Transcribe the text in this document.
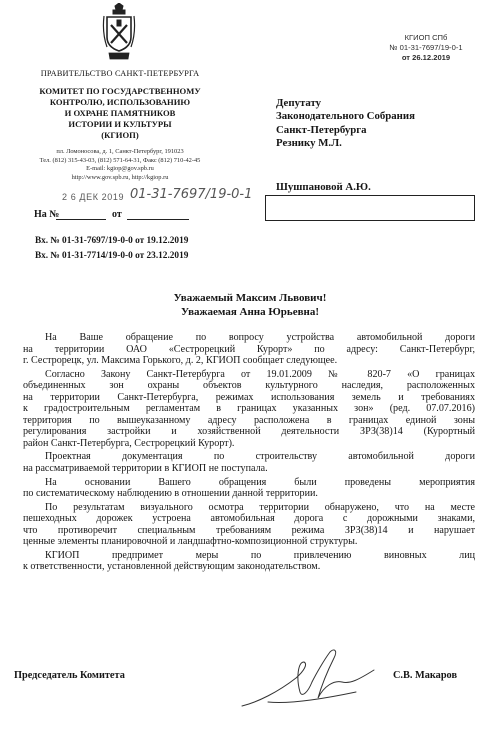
ПРАВИТЕЛЬСТВО САНКТ-ПЕТЕРБУРГА
КОМИТЕТ ПО ГОСУДАРСТВЕННОМУ
КОНТРОЛЮ, ИСПОЛЬЗОВАНИЮ
И ОХРАНЕ ПАМЯТНИКОВ
ИСТОРИИ И КУЛЬТУРЫ
(КГИОП)
пл. Ломоносова, д. 1, Санкт-Петербург, 191023
Тел. (812) 315-43-03, (812) 571-64-31, Факс (812) 710-42-45
E-mail: kgiop@gov.spb.ru
http://www.gov.spb.ru, http://kgiop.ru
2 6 ДЕК 2019 01-31-7697/19-0-1
На №	от
Вх. № 01-31-7697/19-0-0 от 19.12.2019
Вх. № 01-31-7714/19-0-0 от 23.12.2019
КГИОП СПб
№ 01-31-7697/19-0-1
от 26.12.2019
Депутату
Законодательного Собрания
Санкт-Петербурга
Резнику М.Л.
Шушпановой А.Ю.
Уважаемый Максим Львович!
Уважаемая Анна Юрьевна!

На Ваше обращение по вопросу устройства автомобильной дороги
на территории ОАО «Сестрорецкий Курорт» по адресу: Санкт-Петербург,
г. Сестрорецк, ул. Максима Горького, д. 2, КГИОП сообщает следующее.

Согласно Закону Санкт-Петербурга от 19.01.2009 № 820-7 «О границах
объединенных зон охраны объектов культурного наследия, расположенных
на территории Санкт-Петербурга, режимах использования земель и требованиях
к градостроительным регламентам в границах указанных зон» (ред. 07.07.2016)
территория по вышеуказанному адресу расположена в границах единой зоны
регулирования застройки и хозяйственной деятельности ЗРЗ(38)14 (Курортный
район Санкт-Петербурга, Сестрорецкий Курорт).

Проектная документация по строительству автомобильной дороги
на рассматриваемой территории в КГИОП не поступала.

На основании Вашего обращения были проведены мероприятия
по систематическому наблюдению в отношении данной территории.

По результатам визуального осмотра территории обнаружено, что на месте
пешеходных дорожек устроена автомобильная дорога с дорожными знаками,
что противоречит специальным требованиям режима ЗРЗ(38)14 и нарушает
ценные элементы планировочной и ландшафтно-композиционной структуры.

КГИОП предпримет меры по привлечению виновных лиц
к ответственности, установленной действующим законодательством.

Председатель Комитета	С.В. Макаров
